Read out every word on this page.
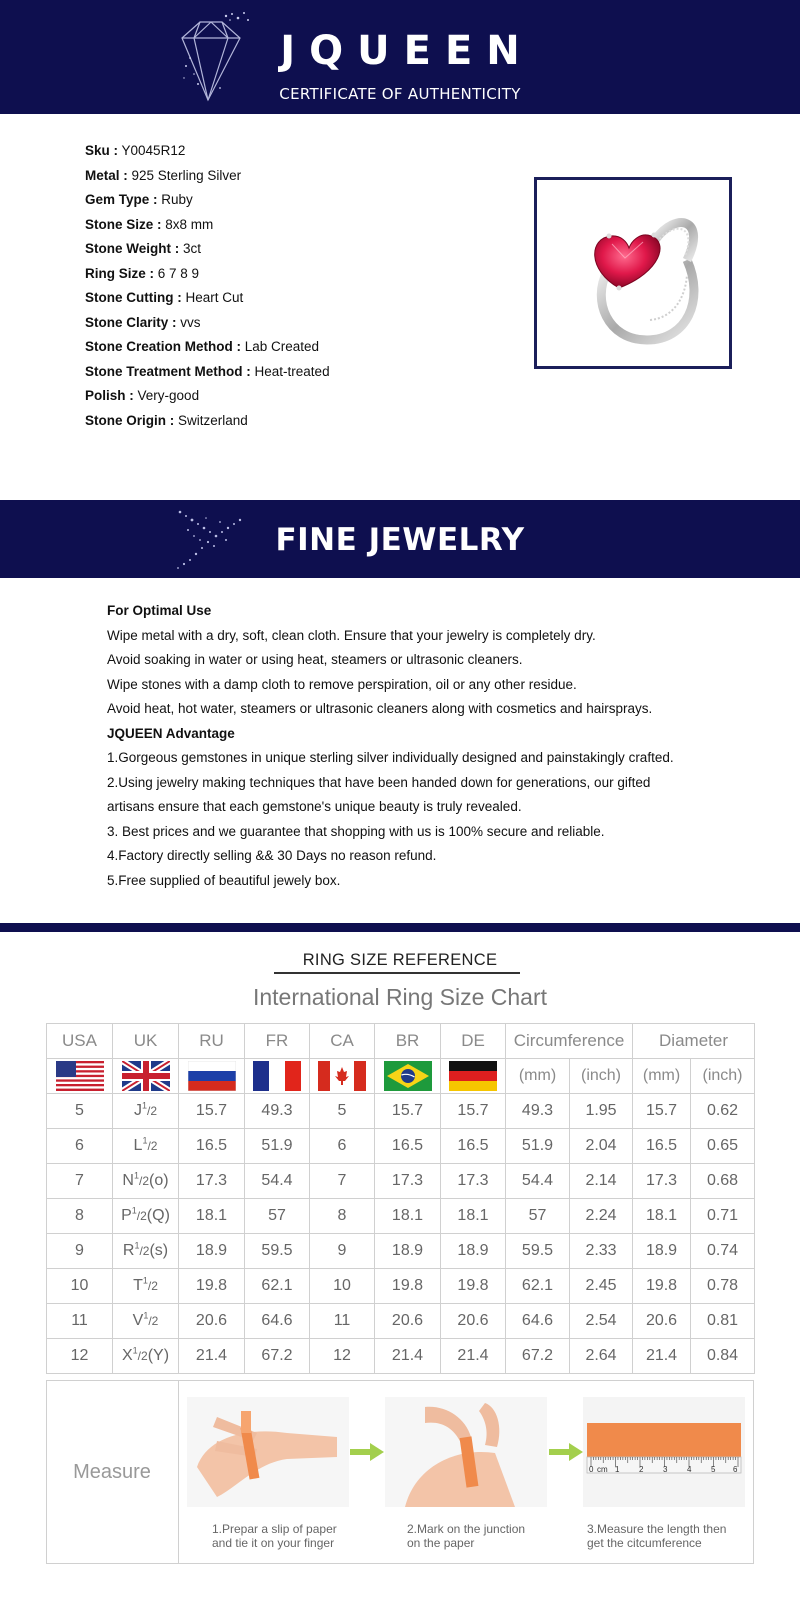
JQUEEN
CERTIFICATE OF AUTHENTICITY
Sku : Y0045R12
Metal : 925 Sterling Silver
Gem Type : Ruby
Stone Size : 8x8 mm
Stone Weight : 3ct
Ring Size : 6 7 8 9
Stone Cutting : Heart Cut
Stone Clarity : vvs
Stone Creation Method : Lab Created
Stone Treatment Method : Heat-treated
Polish : Very-good
Stone Origin : Switzerland
FINE JEWELRY
For Optimal Use
Wipe metal with a dry, soft, clean cloth. Ensure that your jewelry is completely dry.
Avoid soaking in water or using heat, steamers or ultrasonic cleaners.
Wipe stones with a damp cloth to remove perspiration, oil or any other residue.
Avoid heat, hot water, steamers or ultrasonic cleaners along with cosmetics and hairsprays.
JQUEEN Advantage
1.Gorgeous gemstones in unique sterling silver individually designed and painstakingly crafted.
2.Using jewelry making techniques that have been handed down for generations, our gifted
artisans ensure that each gemstone's unique beauty is truly revealed.
3. Best prices and we guarantee that shopping with us is 100% secure and reliable.
4.Factory directly selling && 30 Days no reason refund.
5.Free supplied of beautiful jewely box.
RING SIZE REFERENCE
International Ring Size Chart
USA	UK	RU	FR	CA	BR	DE	Circumference		Diameter	
							(mm)	(inch)	(mm)	(inch)
5	$J^1/2$	15.7	49.3	5	15.7	15.7	49.3	1.95	15.7	0.62
6	$L^1/2$	16.5	51.9	6	16.5	16.5	51.9	2.04	16.5	0.65
7	$N^1/2(o)$	17.3	54.4	7	17.3	17.3	54.4	2.14	17.3	0.68
8	$P^1/2(Q)$	18.1	57	8	18.1	18.1	57	2.24	18.1	0.71
9	$R^1/2(s)$	18.9	59.5	9	18.9	18.9	59.5	2.33	18.9	0.74
10	$T^1/2$	19.8	62.1	10	19.8	19.8	62.1	2.45	19.8	0.78
11	$V^1/2$	20.6	64.6	11	20.6	20.6	64.6	2.54	20.6	0.81
12	$X^1/2(Y)$	21.4	67.2	12	21.4	21.4	67.2	2.64	21.4	0.84
Measure	0 cm 1 2 3 4 5 6
1.Prepar a slip of paper
and tie it on your finger
2.Mark on the junction
on the paper
3.Measure the length then
get the citcumference
